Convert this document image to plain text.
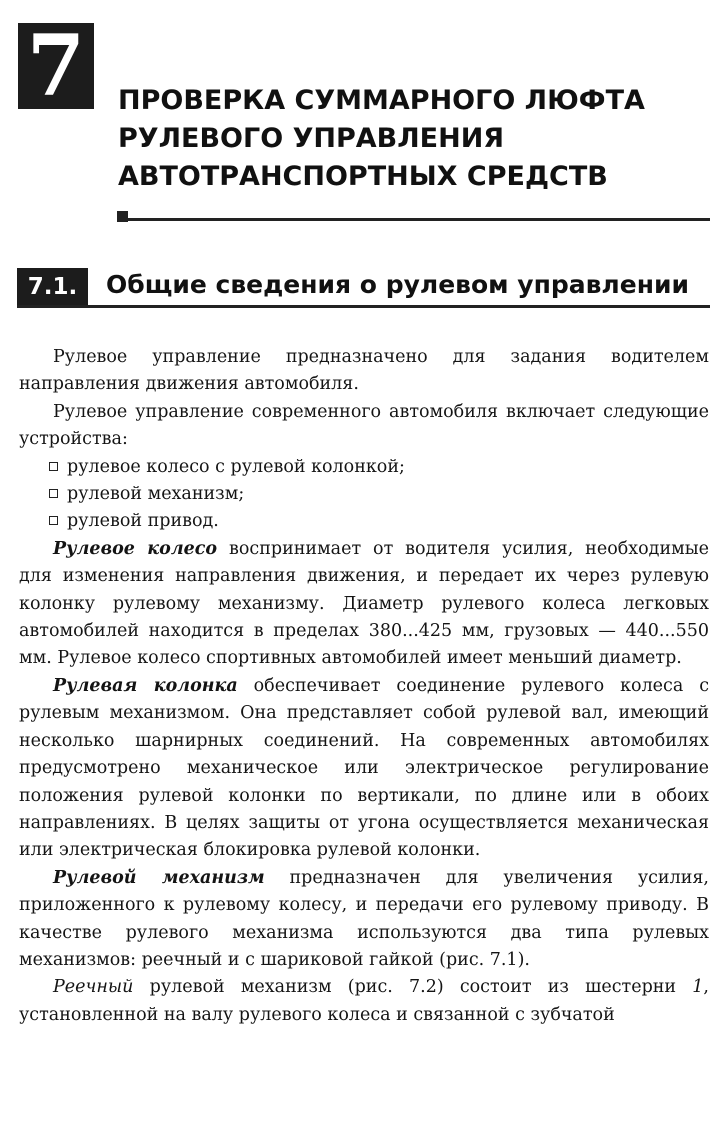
7	ПРОВЕРКА СУММАРНОГО ЛЮФТА
РУЛЕВОГО УПРАВЛЕНИЯ
АВТОТРАНСПОРТНЫХ СРЕДСТВ
7.1.	Общие сведения о рулевом управлении

Рулевое управление предназначено для задания водителем направления движения автомобиля.

Рулевое управление современного автомобиля включает следующие устройства:

рулевое колесо с рулевой колонкой;

рулевой механизм;

рулевой привод.

Рулевое колесо воспринимает от водителя усилия, необходимые для изменения направления движения, и передает их через рулевую колонку рулевому механизму. Диаметр рулевого колеса легковых автомобилей находится в пределах 380...425 мм, грузовых — 440...550 мм. Рулевое колесо спортивных автомобилей имеет меньший диаметр.

Рулевая колонка обеспечивает соединение рулевого колеса с рулевым механизмом. Она представляет собой рулевой вал, имеющий несколько шарнирных соединений. На современных автомобилях предусмотрено механическое или электрическое регулирование положения рулевой колонки по вертикали, по длине или в обоих направлениях. В целях защиты от угона осуществляется механическая или электрическая блокировка рулевой колонки.

Рулевой механизм предназначен для увеличения усилия, приложенного к рулевому колесу, и передачи его рулевому приводу. В качестве рулевого механизма используются два типа рулевых механизмов: реечный и с шариковой гайкой (рис. 7.1).

Реечный рулевой механизм (рис. 7.2) состоит из шестерни 1, установленной на валу рулевого колеса и связанной с зубчатой
